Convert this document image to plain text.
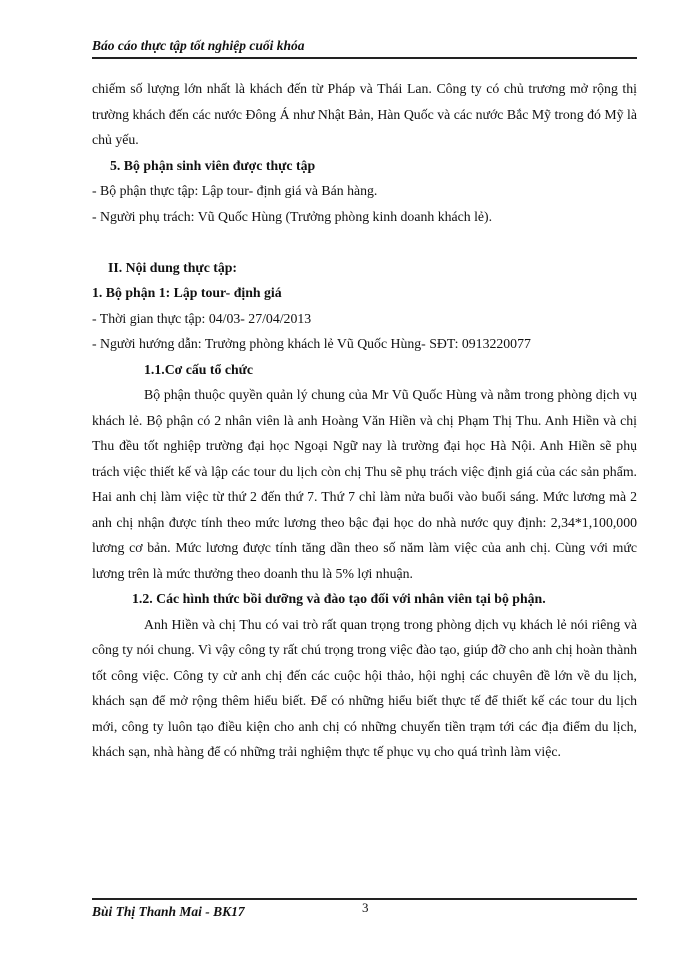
Báo cáo thực tập tốt nghiệp cuối khóa

chiếm số lượng lớn nhất là khách đến từ Pháp và Thái Lan. Công ty có chủ trương mở rộng thị trường khách đến các nước Đông Á như Nhật Bản, Hàn Quốc và các nước Bắc Mỹ trong đó Mỹ là chủ yếu.

5. Bộ phận sinh viên được thực tập

- Bộ phận thực tập: Lập tour- định giá và Bán hàng.

- Người phụ trách: Vũ Quốc Hùng (Trưởng phòng kinh doanh khách lẻ).

II. Nội dung thực tập:

1. Bộ phận 1: Lập tour- định giá

- Thời gian thực tập: 04/03- 27/04/2013

- Người hướng dẫn: Trưởng phòng khách lẻ Vũ Quốc Hùng- SĐT: 0913220077

1.1.Cơ cấu tổ chức

Bộ phận thuộc quyền quản lý chung của Mr Vũ Quốc Hùng và nằm trong phòng dịch vụ khách lẻ. Bộ phận có 2 nhân viên là anh Hoàng Văn Hiền và chị Phạm Thị Thu. Anh Hiền và chị Thu đều tốt nghiệp trường đại học Ngoại Ngữ nay là trường đại học Hà Nội. Anh Hiền sẽ phụ trách việc thiết kế và lập các tour du lịch còn chị Thu sẽ phụ trách việc định giá của các sản phẩm. Hai anh chị làm việc từ thứ 2 đến thứ 7. Thứ 7 chỉ làm nửa buổi vào buổi sáng. Mức lương mà 2 anh chị nhận được tính theo mức lương theo bậc đại học do nhà nước quy định: 2,34*1,100,000 lương cơ bản. Mức lương được tính tăng dần theo số năm làm việc của anh chị. Cùng với mức lương trên là mức thưởng theo doanh thu là 5% lợi nhuận.

1.2. Các hình thức bồi dưỡng và đào tạo đối với nhân viên tại bộ phận.

Anh Hiền và chị Thu có vai trò rất quan trọng trong phòng dịch vụ khách lẻ nói riêng và công ty nói chung. Vì vậy công ty rất chú trọng trong việc đào tạo, giúp đỡ cho anh chị hoàn thành tốt công việc. Công ty cử anh chị đến các cuộc hội thảo, hội nghị các chuyên đề lớn về du lịch, khách sạn để mở rộng thêm hiểu biết. Để có những hiểu biết thực tế để thiết kế các tour du lịch mới, công ty luôn tạo điều kiện cho anh chị có những chuyến tiền trạm tới các địa điểm du lịch, khách sạn, nhà hàng để có những trải nghiệm thực tế phục vụ cho quá trình làm việc.

Bùi Thị Thanh Mai - BK17	3
